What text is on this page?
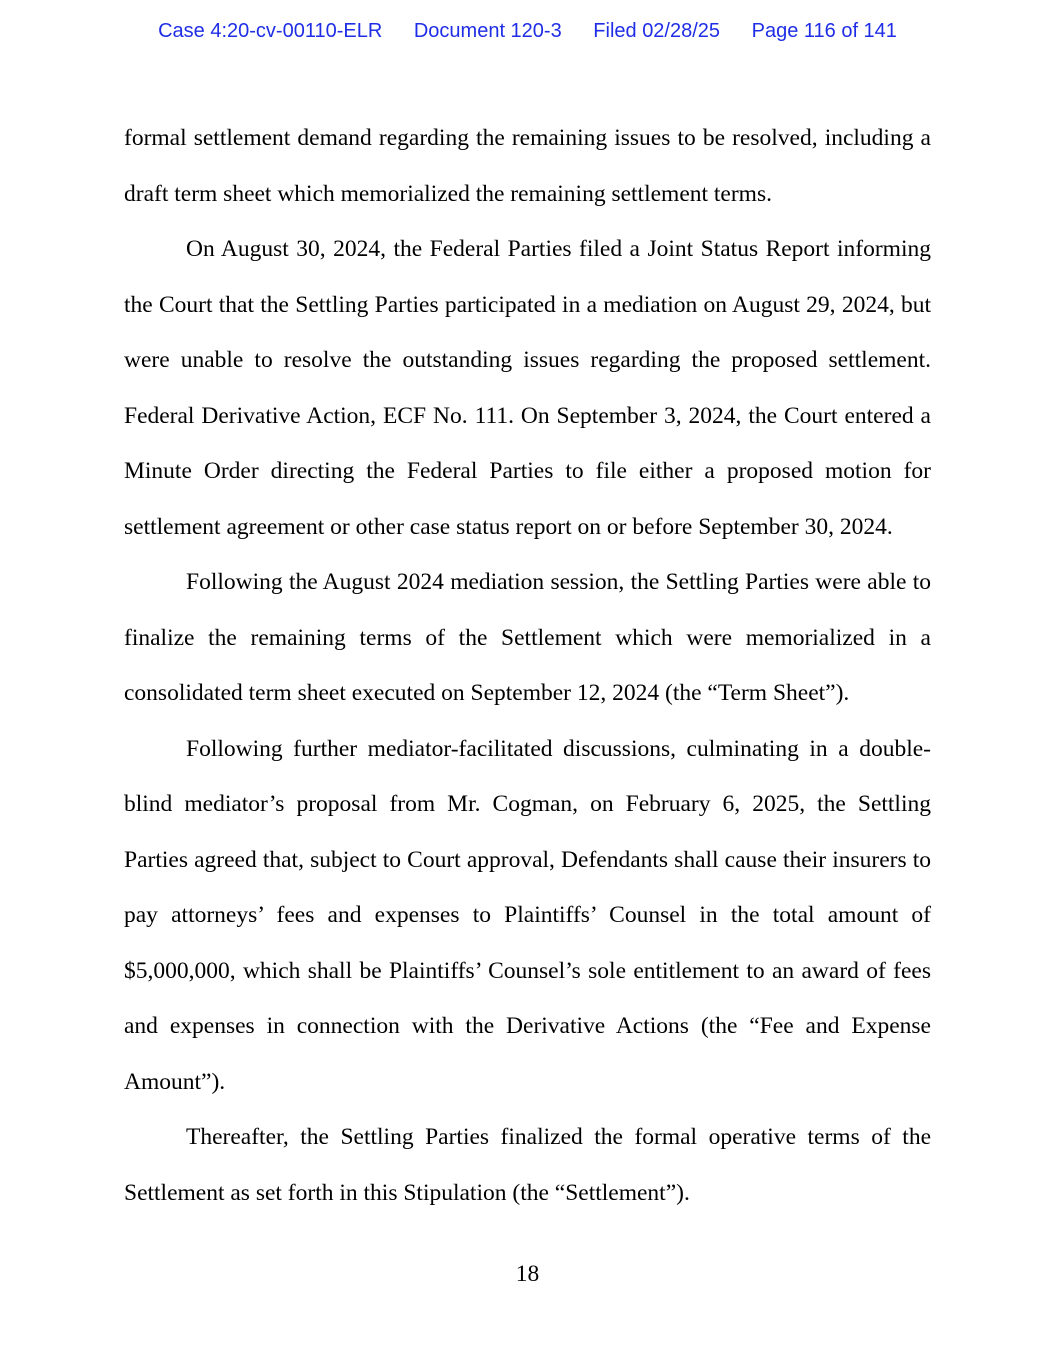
Case 4:20-cv-00110-ELR Document 120-3 Filed 02/28/25 Page 116 of 141

formal settlement demand regarding the remaining issues to be resolved, including a draft term sheet which memorialized the remaining settlement terms.

On August 30, 2024, the Federal Parties filed a Joint Status Report informing the Court that the Settling Parties participated in a mediation on August 29, 2024, but were unable to resolve the outstanding issues regarding the proposed settlement. Federal Derivative Action, ECF No. 111. On September 3, 2024, the Court entered a Minute Order directing the Federal Parties to file either a proposed motion for settlement agreement or other case status report on or before September 30, 2024.

Following the August 2024 mediation session, the Settling Parties were able to finalize the remaining terms of the Settlement which were memorialized in a consolidated term sheet executed on September 12, 2024 (the “Term Sheet”).

Following further mediator-facilitated discussions, culminating in a double-blind mediator’s proposal from Mr. Cogman, on February 6, 2025, the Settling Parties agreed that, subject to Court approval, Defendants shall cause their insurers to pay attorneys’ fees and expenses to Plaintiffs’ Counsel in the total amount of $5,000,000, which shall be Plaintiffs’ Counsel’s sole entitlement to an award of fees and expenses in connection with the Derivative Actions (the “Fee and Expense Amount”).

Thereafter, the Settling Parties finalized the formal operative terms of the Settlement as set forth in this Stipulation (the “Settlement”).

18
